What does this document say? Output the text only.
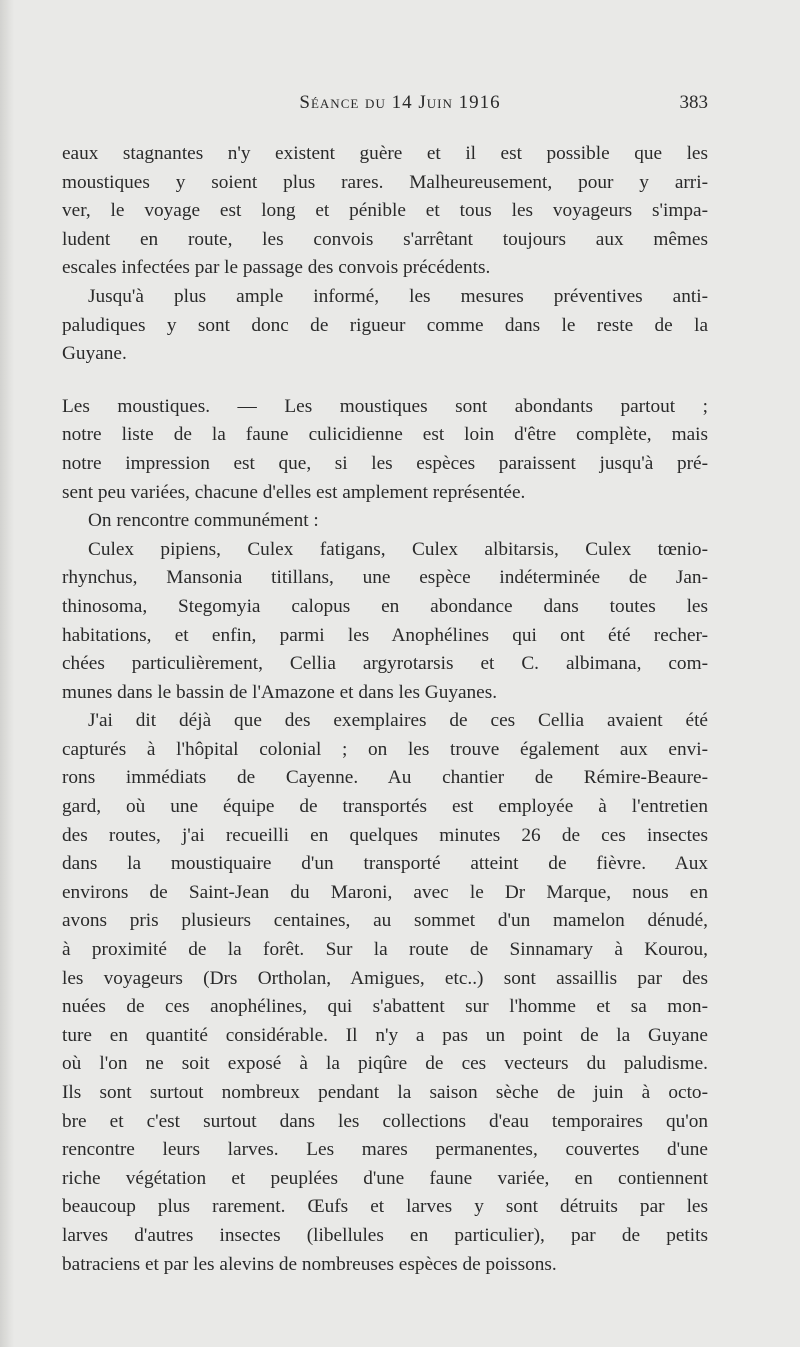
Séance du 14 Juin 1916	383
eaux stagnantes n'y existent guère et il est possible que les
moustiques y soient plus rares. Malheureusement, pour y arri-
ver, le voyage est long et pénible et tous les voyageurs s'impa-
ludent en route, les convois s'arrêtant toujours aux mêmes
escales infectées par le passage des convois précédents.
Jusqu'à plus ample informé, les mesures préventives anti-
paludiques y sont donc de rigueur comme dans le reste de la
Guyane.
Les moustiques. — Les moustiques sont abondants partout ;
notre liste de la faune culicidienne est loin d'être complète, mais
notre impression est que, si les espèces paraissent jusqu'à pré-
sent peu variées, chacune d'elles est amplement représentée.
On rencontre communément :
Culex pipiens, Culex fatigans, Culex albitarsis, Culex tœnio-
rhynchus, Mansonia titillans, une espèce indéterminée de Jan-
thinosoma, Stegomyia calopus en abondance dans toutes les
habitations, et enfin, parmi les Anophélines qui ont été recher-
chées particulièrement, Cellia argyrotarsis et C. albimana, com-
munes dans le bassin de l'Amazone et dans les Guyanes.
J'ai dit déjà que des exemplaires de ces Cellia avaient été
capturés à l'hôpital colonial ; on les trouve également aux envi-
rons immédiats de Cayenne. Au chantier de Rémire-Beaure-
gard, où une équipe de transportés est employée à l'entretien
des routes, j'ai recueilli en quelques minutes 26 de ces insectes
dans la moustiquaire d'un transporté atteint de fièvre. Aux
environs de Saint-Jean du Maroni, avec le Dr Marque, nous en
avons pris plusieurs centaines, au sommet d'un mamelon dénudé,
à proximité de la forêt. Sur la route de Sinnamary à Kourou,
les voyageurs (Drs Ortholan, Amigues, etc..) sont assaillis par des
nuées de ces anophélines, qui s'abattent sur l'homme et sa mon-
ture en quantité considérable. Il n'y a pas un point de la Guyane
où l'on ne soit exposé à la piqûre de ces vecteurs du paludisme.
Ils sont surtout nombreux pendant la saison sèche de juin à octo-
bre et c'est surtout dans les collections d'eau temporaires qu'on
rencontre leurs larves. Les mares permanentes, couvertes d'une
riche végétation et peuplées d'une faune variée, en contiennent
beaucoup plus rarement. Œufs et larves y sont détruits par les
larves d'autres insectes (libellules en particulier), par de petits
batraciens et par les alevins de nombreuses espèces de poissons.
